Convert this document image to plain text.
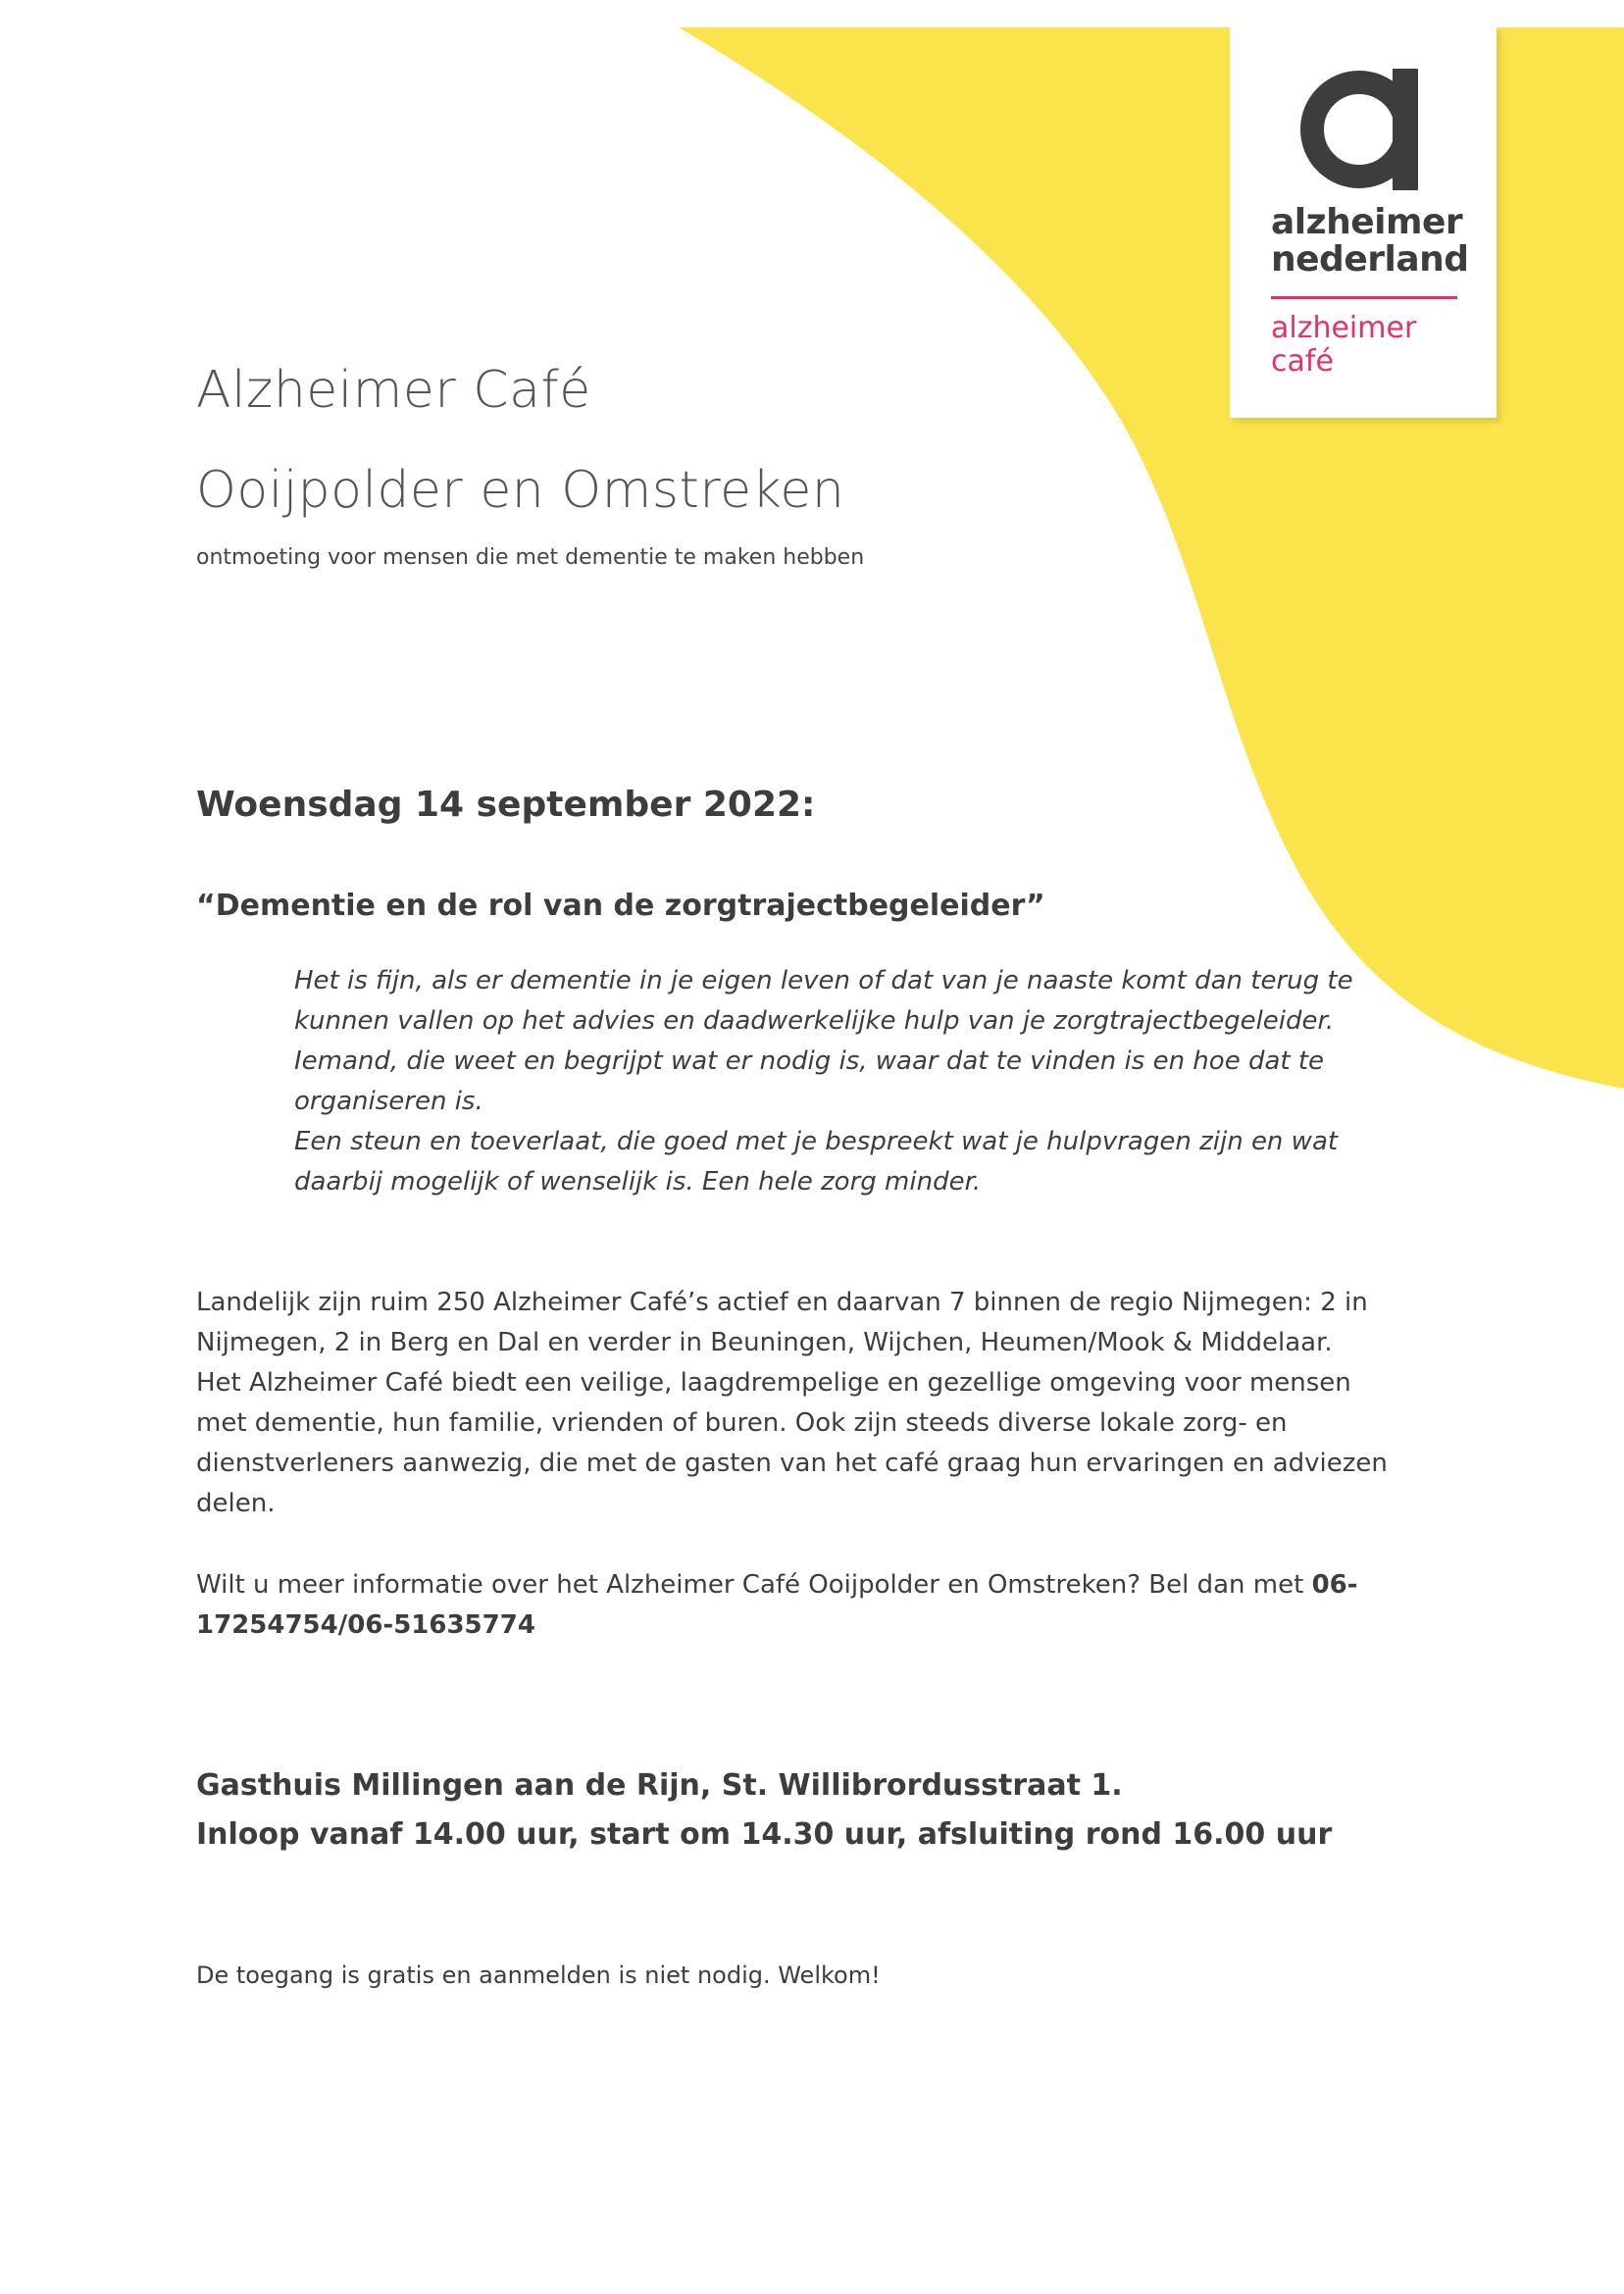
alzheimer
nederland
alzheimer
café
Alzheimer Café
Ooijpolder en Omstreken
ontmoeting voor mensen die met dementie te maken hebben
Woensdag 14 september 2022:
“Dementie en de rol van de zorgtrajectbegeleider”

Het is fijn, als er dementie in je eigen leven of dat van je naaste komt dan terug te
kunnen vallen op het advies en daadwerkelijke hulp van je zorgtrajectbegeleider.
Iemand, die weet en begrijpt wat er nodig is, waar dat te vinden is en hoe dat te
organiseren is.
Een steun en toeverlaat, die goed met je bespreekt wat je hulpvragen zijn en wat
daarbij mogelijk of wenselijk is. Een hele zorg minder.

Landelijk zijn ruim 250 Alzheimer Café’s actief en daarvan 7 binnen de regio Nijmegen: 2 in
Nijmegen, 2 in Berg en Dal en verder in Beuningen, Wijchen, Heumen/Mook & Middelaar.
Het Alzheimer Café biedt een veilige, laagdrempelige en gezellige omgeving voor mensen
met dementie, hun familie, vrienden of buren. Ook zijn steeds diverse lokale zorg- en
dienstverleners aanwezig, die met de gasten van het café graag hun ervaringen en adviezen
delen.

Wilt u meer informatie over het Alzheimer Café Ooijpolder en Omstreken? Bel dan met 06-
17254754/06-51635774

Gasthuis Millingen aan de Rijn, St. Willibrordusstraat 1.
Inloop vanaf 14.00 uur, start om 14.30 uur, afsluiting rond 16.00 uur
De toegang is gratis en aanmelden is niet nodig. Welkom!
